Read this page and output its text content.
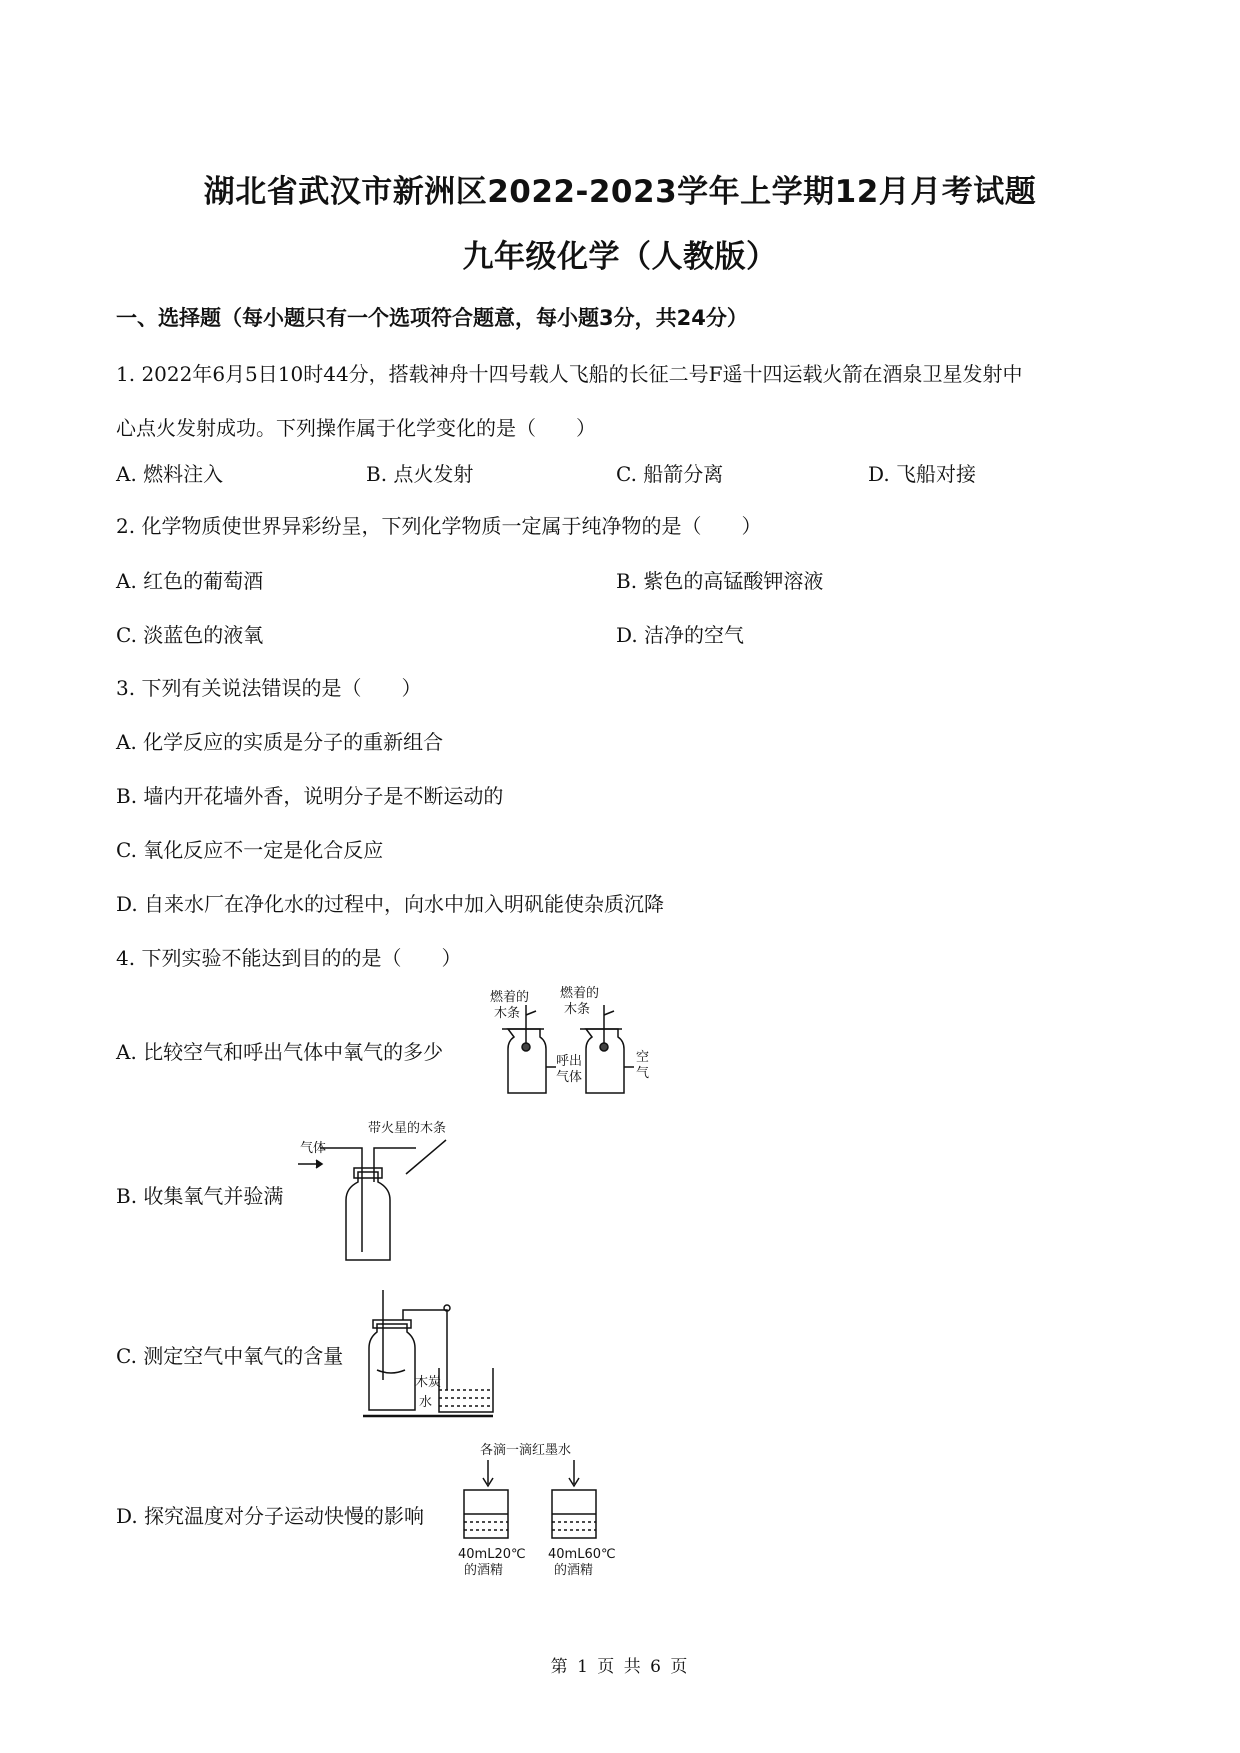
湖北省武汉市新洲区2022-2023学年上学期12月月考试题
九年级化学（人教版）
一、选择题（每小题只有一个选项符合题意，每小题3分，共24分）
1. 2022年6月5日10时44分，搭载神舟十四号载人飞船的长征二号F遥十四运载火箭在酒泉卫星发射中
心点火发射成功。下列操作属于化学变化的是（　　）
A. 燃料注入	B. 点火发射	C. 船箭分离	D. 飞船对接
2. 化学物质使世界异彩纷呈，下列化学物质一定属于纯净物的是（　　）
A. 红色的葡萄酒	B. 紫色的高锰酸钾溶液
C. 淡蓝色的液氧	D. 洁净的空气
3. 下列有关说法错误的是（　　）
A. 化学反应的实质是分子的重新组合
B. 墙内开花墙外香，说明分子是不断运动的
C. 氧化反应不一定是化合反应
D. 自来水厂在净化水的过程中，向水中加入明矾能使杂质沉降
4. 下列实验不能达到目的的是（　　）
A. 比较空气和呼出气体中氧气的多少
燃着的
木条
燃着的
木条
呼出
气体
空
气
B. 收集氧气并验满
带火星的木条
气体
C. 测定空气中氧气的含量
木炭
水
D. 探究温度对分子运动快慢的影响
各滴一滴红墨水
40mL20℃
的酒精
40mL60℃
的酒精
第 1 页 共 6 页
